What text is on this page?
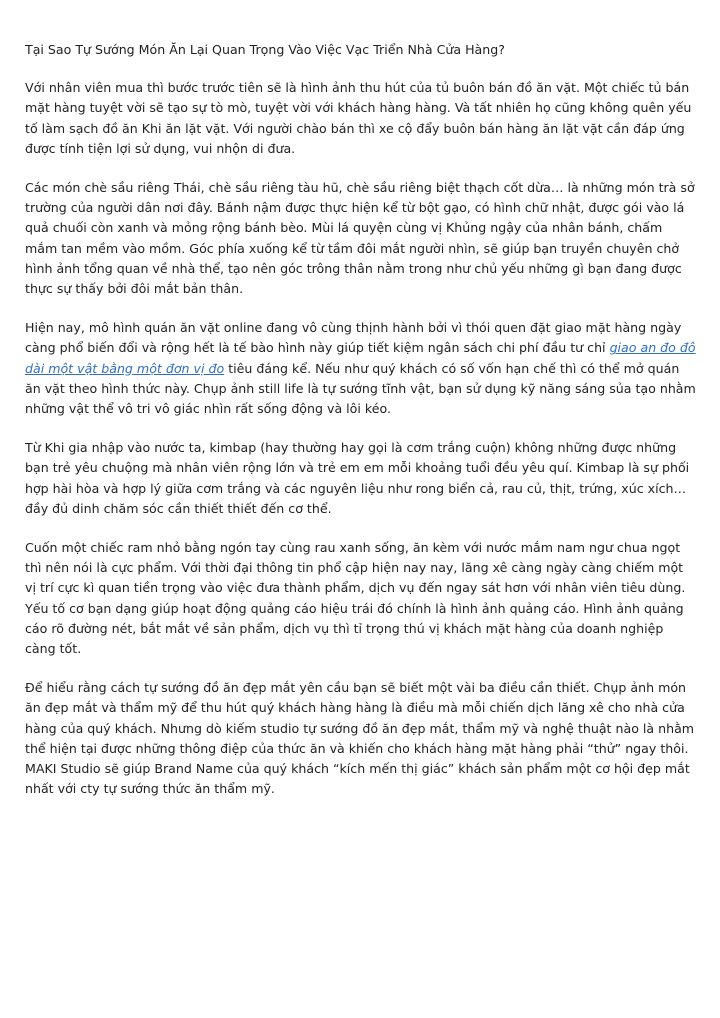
Tại Sao Tự Sướng Món Ăn Lại Quan Trọng Vào Việc Vạc Triển Nhà Cửa Hàng?

Với nhân viên mua thì bước trước tiên sẽ là hình ảnh thu hút của tủ buôn bán đồ ăn vặt. Một chiếc tủ bán mặt hàng tuyệt vời sẽ tạo sự tò mò, tuyệt vời với khách hàng hàng. Và tất nhiên họ cũng không quên yếu tố làm sạch đồ ăn Khi ăn lặt vặt. Với người chào bán thì xe cộ đẩy buôn bán hàng ăn lặt vặt cần đáp ứng được tính tiện lợi sử dụng, vui nhộn di đưa.

Các món chè sầu riêng Thái, chè sầu riêng tàu hũ, chè sầu riêng biệt thạch cốt dừa… là những món trà sở trường của người dân nơi đây. Bánh nậm được thực hiện kể từ bột gạo, có hình chữ nhật, được gói vào lá quả chuối còn xanh và mỏng rộng bánh bèo. Mùi lá quyện cùng vị Khủng ngậy của nhân bánh, chấm mắm tan mềm vào mồm. Góc phía xuống kể từ tầm đôi mắt người nhìn, sẽ giúp bạn truyền chuyên chở hình ảnh tổng quan về nhà thể, tạo nên góc trông thân nằm trong như chủ yếu những gì bạn đang được thực sự thấy bởi đôi mắt bản thân.

Hiện nay, mô hình quán ăn vặt online đang vô cùng thịnh hành bởi vì thói quen đặt giao mặt hàng ngày càng phổ biến đổi và rộng hết là tế bào hình này giúp tiết kiệm ngân sách chi phí đầu tư chỉ giao an đo đô dài một vật bằng một đơn vị đo tiêu đáng kể. Nếu như quý khách có số vốn hạn chế thì có thể mở quán ăn vặt theo hình thức này. Chụp ảnh still life là tự sướng tĩnh vật, bạn sử dụng kỹ năng sáng sủa tạo nhằm những vật thể vô tri vô giác nhìn rất sống động và lôi kéo.

Từ Khi gia nhập vào nước ta, kimbap (hay thường hay gọi là cơm trắng cuộn) không những được những bạn trẻ yêu chuộng mà nhân viên rộng lớn và trẻ em em mỗi khoảng tuổi đều yêu quí. Kimbap là sự phối hợp hài hòa và hợp lý giữa cơm trắng và các nguyên liệu như rong biển cả, rau củ, thịt, trứng, xúc xích… đầy đủ dinh chăm sóc cần thiết thiết đến cơ thể.

Cuốn một chiếc ram nhỏ bằng ngón tay cùng rau xanh sống, ăn kèm với nước mắm nam ngư chua ngọt thì nên nói là cực phẩm. Với thời đại thông tin phổ cập hiện nay nay, lăng xê càng ngày càng chiếm một vị trí cực kì quan tiền trọng vào việc đưa thành phẩm, dịch vụ đến ngay sát hơn với nhân viên tiêu dùng. Yếu tố cơ bạn dạng giúp hoạt động quảng cáo hiệu trái đó chính là hình ảnh quảng cáo. Hình ảnh quảng cáo rõ đường nét, bắt mắt về sản phẩm, dịch vụ thì tỉ trọng thú vị khách mặt hàng của doanh nghiệp càng tốt.

Để hiểu rằng cách tự sướng đồ ăn đẹp mắt yên cầu bạn sẽ biết một vài ba điều cần thiết. Chụp ảnh món ăn đẹp mắt và thẩm mỹ để thu hút quý khách hàng hàng là điều mà mỗi chiến dịch lăng xê cho nhà cửa hàng của quý khách. Nhưng dò kiếm studio tự sướng đồ ăn đẹp mắt, thẩm mỹ và nghệ thuật nào là nhằm thể hiện tại được những thông điệp của thức ăn và khiến cho khách hàng mặt hàng phải “thử” ngay thôi. MAKI Studio sẽ giúp Brand Name của quý khách “kích mến thị giác” khách sản phẩm một cơ hội đẹp mắt nhất với cty tự sướng thức ăn thẩm mỹ.
